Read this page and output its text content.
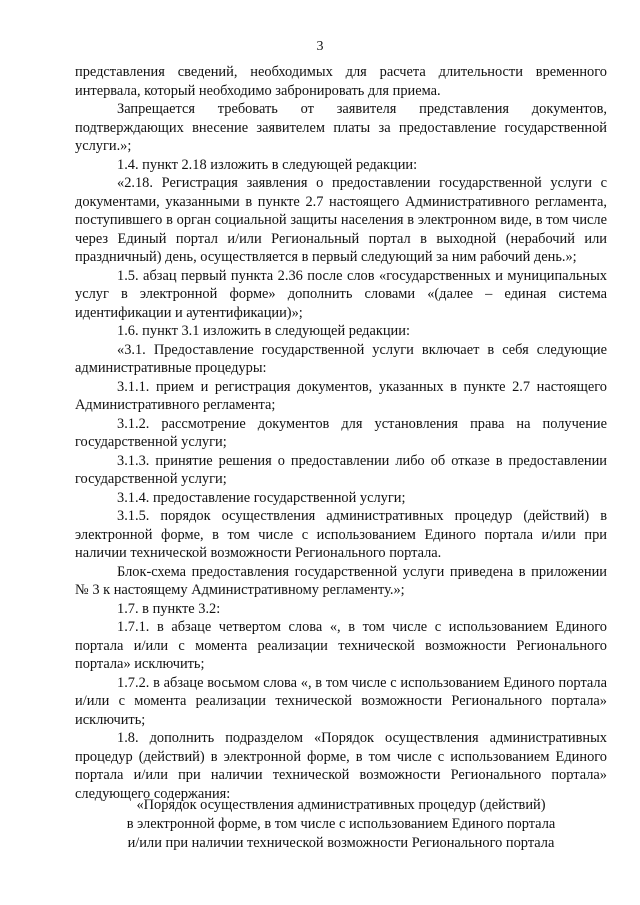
3

представления сведений, необходимых для расчета длительности временного интервала, который необходимо забронировать для приема.

Запрещается требовать от заявителя представления документов, подтверждающих внесение заявителем платы за предоставление государственной услуги.»;

1.4. пункт 2.18 изложить в следующей редакции:

«2.18. Регистрация заявления о предоставлении государственной услуги с документами, указанными в пункте 2.7 настоящего Административного регламента, поступившего в орган социальной защиты населения в электронном виде, в том числе через Единый портал и/или Региональный портал в выходной (нерабочий или праздничный) день, осуществляется в первый следующий за ним рабочий день.»;

1.5. абзац первый пункта 2.36 после слов «государственных и муниципальных услуг в электронной форме» дополнить словами «(далее – единая система идентификации и аутентификации)»;

1.6. пункт 3.1 изложить в следующей редакции:

«3.1. Предоставление государственной услуги включает в себя следующие административные процедуры:

3.1.1. прием и регистрация документов, указанных в пункте 2.7 настоящего Административного регламента;

3.1.2. рассмотрение документов для установления права на получение государственной услуги;

3.1.3. принятие решения о предоставлении либо об отказе в предоставлении государственной услуги;

3.1.4. предоставление государственной услуги;

3.1.5. порядок осуществления административных процедур (действий) в электронной форме, в том числе с использованием Единого портала и/или при наличии технической возможности Регионального портала.

Блок-схема предоставления государственной услуги приведена в приложении № 3 к настоящему Административному регламенту.»;

1.7. в пункте 3.2:

1.7.1. в абзаце четвертом слова «, в том числе с использованием Единого портала и/или с момента реализации технической возможности Регионального портала» исключить;

1.7.2. в абзаце восьмом слова «, в том числе с использованием Единого портала и/или с момента реализации технической возможности Регионального портала» исключить;

1.8. дополнить подразделом «Порядок осуществления административных процедур (действий) в электронной форме, в том числе с использованием Единого портала и/или при наличии технической возможности Регионального портала» следующего содержания:

«Порядок осуществления административных процедур (действий)
в электронной форме, в том числе с использованием Единого портала
и/или при наличии технической возможности Регионального портала
